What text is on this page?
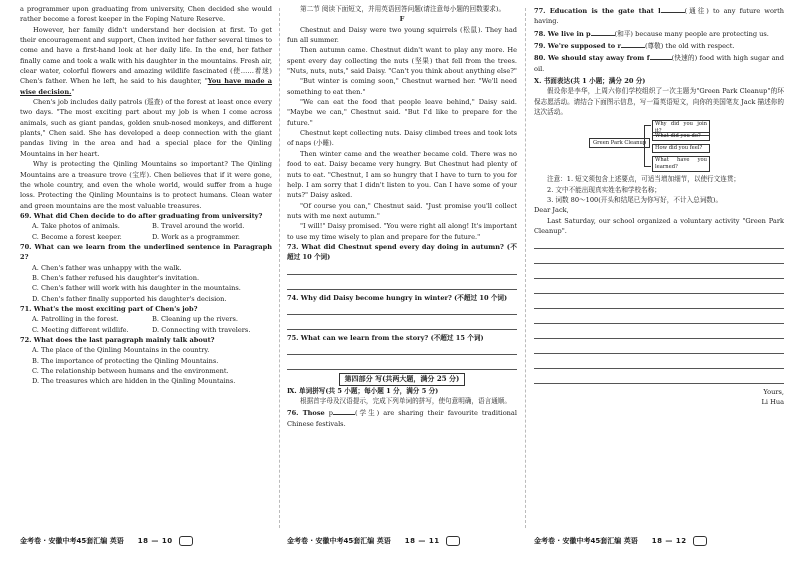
a programmer upon graduating from university, Chen decided she would rather become a forest keeper in the Foping Nature Reserve.

However, her family didn't understand her decision at first. To get their encouragement and support, Chen invited her father several times to come and have a first-hand look at her daily life. In the end, her father finally came and took a walk with his daughter in the mountains. Fresh air, clear water, colorful flowers and amazing wildlife fascinated (使……着迷) Chen's father. When he left, he said to his daughter, "You have made a wise decision."

Chen's job includes daily patrols (巡查) of the forest at least once every two days. "The most exciting part about my job is when I come across animals, such as giant pandas, golden snub-nosed monkeys, and different plants," Chen said. She has developed a deep connection with the giant pandas living in the area and had a special place for the Qinling Mountains in her heart.

Why is protecting the Qinling Mountains so important? The Qinling Mountains are a treasure trove (宝库). Chen believes that if it were gone, the whole country, and even the whole world, would suffer from a huge loss. Protecting the Qinling Mountains is to protect humans. Clean water and green mountains are the most valuable treasures.

69. What did Chen decide to do after graduating from university?

A. Take photos of animals.	B. Travel around the world.
C. Become a forest keeper.	D. Work as a programmer.

70. What can we learn from the underlined sentence in Paragraph 2?

A. Chen's father was unhappy with the walk.

B. Chen's father refused his daughter's invitation.

C. Chen's father will work with his daughter in the mountains.

D. Chen's father finally supported his daughter's decision.

71. What's the most exciting part of Chen's job?

A. Patrolling in the forest.	B. Cleaning up the rivers.
C. Meeting different wildlife.	D. Connecting with travelers.

72. What does the last paragraph mainly talk about?

A. The place of the Qinling Mountains in the country.

B. The importance of protecting the Qinling Mountains.

C. The relationship between humans and the environment.

D. The treasures which are hidden in the Qinling Mountains.

第二节 阅读下面短文，并用英语回答问题(请注意每小题的回数要求)。

F

Chestnut and Daisy were two young squirrels (松鼠). They had fun all summer.

Then autumn came. Chestnut didn't want to play any more. He spent every day collecting the nuts (坚果) that fell from the trees. "Nuts, nuts, nuts," said Daisy. "Can't you think about anything else?"

"But winter is coming soon," Chestnut warned her. "We'll need something to eat then."

"We can eat the food that people leave behind," Daisy said. "Maybe we can," Chestnut said. "But I'd like to prepare for the future."

Chestnut kept collecting nuts. Daisy climbed trees and took lots of naps (小睡).

Then winter came and the weather became cold. There was no food to eat. Daisy became very hungry. But Chestnut had plenty of nuts to eat. "Chestnut, I am so hungry that I have to turn to you for help. I am sorry that I didn't listen to you. Can I have some of your nuts?" Daisy asked.

"Of course you can," Chestnut said. "Just promise you'll collect nuts with me next autumn."

"I will!" Daisy promised. "You were right all along! It's important to use my time wisely to plan and prepare for the future."

73. What did Chestnut spend every day doing in autumn? (不超过 10 个词)

74. Why did Daisy become hungry in winter? (不超过 10 个词)

75. What can we learn from the story? (不超过 15 个词)

第四部分 写(共两大题，满分 25 分)

Ⅸ. 单词拼写(共 5 小题；每小题 1 分，满分 5 分)

根据首字母及汉语提示，完成下列单词的拼写，使句意明确，语言通顺。

76. Those p	(学生) are sharing their favourite traditional Chinese festivals.

77. Education is the gate that l	(通往) to any future worth having.

78. We live in p	(和平) because many people are protecting us.

79. We're supposed to r	(尊敬) the old with respect.

80. We should stay away from f	(快速的) food with high sugar and oil.

Ⅹ. 书面表达(共 1 小题；满分 20 分)

假设你是李华，上周六你们学校组织了一次主题为"Green Park Cleanup"的环保志愿活动。请结合下面图示信息，写一篇英语短文，向你的美国笔友 Jack 描述你的这次活动。

Green Park Cleanup
Why did you join it?
What did you do?
How did you feel?
What have you learned?

注意：1. 短文须包含上述要点，可适当增加细节，以使行文连贯；

2. 文中不能出现真实姓名和学校名称；

3. 词数 80～100(开头和结尾已为你写好，不计入总词数)。

Dear Jack,

Last Saturday, our school organized a voluntary activity "Green Park Cleanup".

Yours,

Li Hua

金考卷 · 安徽中考45套汇编 英语 18 — 10	金考卷 · 安徽中考45套汇编 英语 18 — 11	金考卷 · 安徽中考45套汇编 英语 18 — 12
